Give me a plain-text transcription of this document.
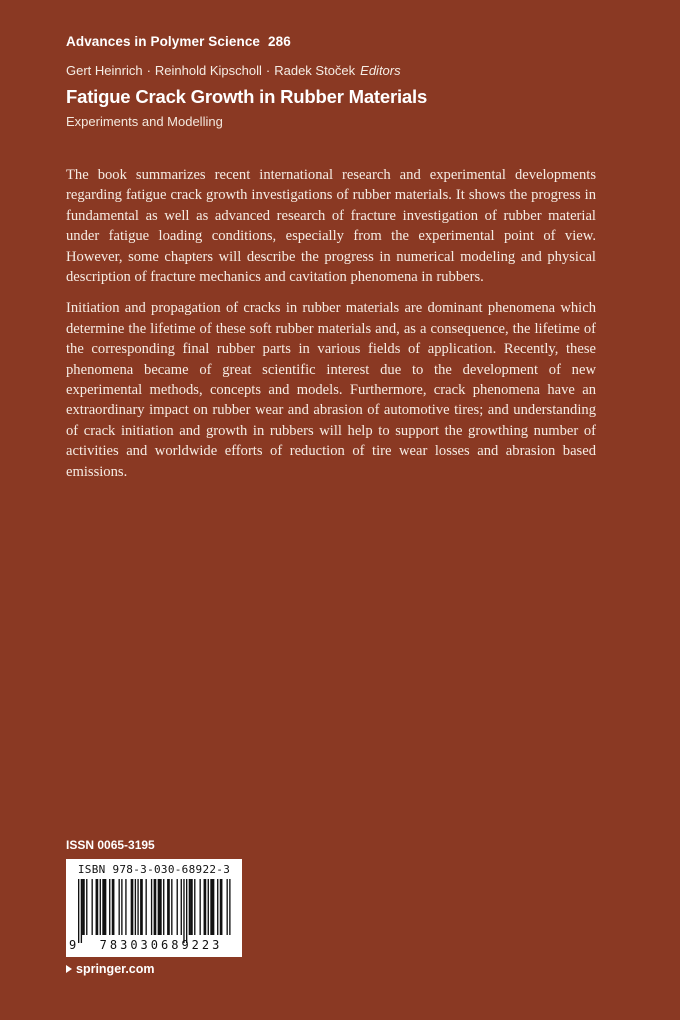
Advances in Polymer Science 286
Gert Heinrich · Reinhold Kipscholl · Radek Stoček Editors
Fatigue Crack Growth in Rubber Materials
Experiments and Modelling

The book summarizes recent international research and experimental developments regarding fatigue crack growth investigations of rubber materials. It shows the progress in fundamental as well as advanced research of fracture investigation of rubber material under fatigue loading conditions, especially from the experimental point of view. However, some chapters will describe the progress in numerical modeling and physical description of fracture mechanics and cavitation phenomena in rubbers.

Initiation and propagation of cracks in rubber materials are dominant phenomena which determine the lifetime of these soft rubber materials and, as a consequence, the lifetime of the corresponding final rubber parts in various fields of application. Recently, these phenomena became of great scientific interest due to the development of new experimental methods, concepts and models. Furthermore, crack phenomena have an extraordinary impact on rubber wear and abrasion of automotive tires; and understanding of crack initiation and growth in rubbers will help to support the growthing number of activities and worldwide efforts of reduction of tire wear losses and abrasion based emissions.

ISSN 0065-3195
ISBN 978-3-030-68922-3
9	783030689223
springer.com
